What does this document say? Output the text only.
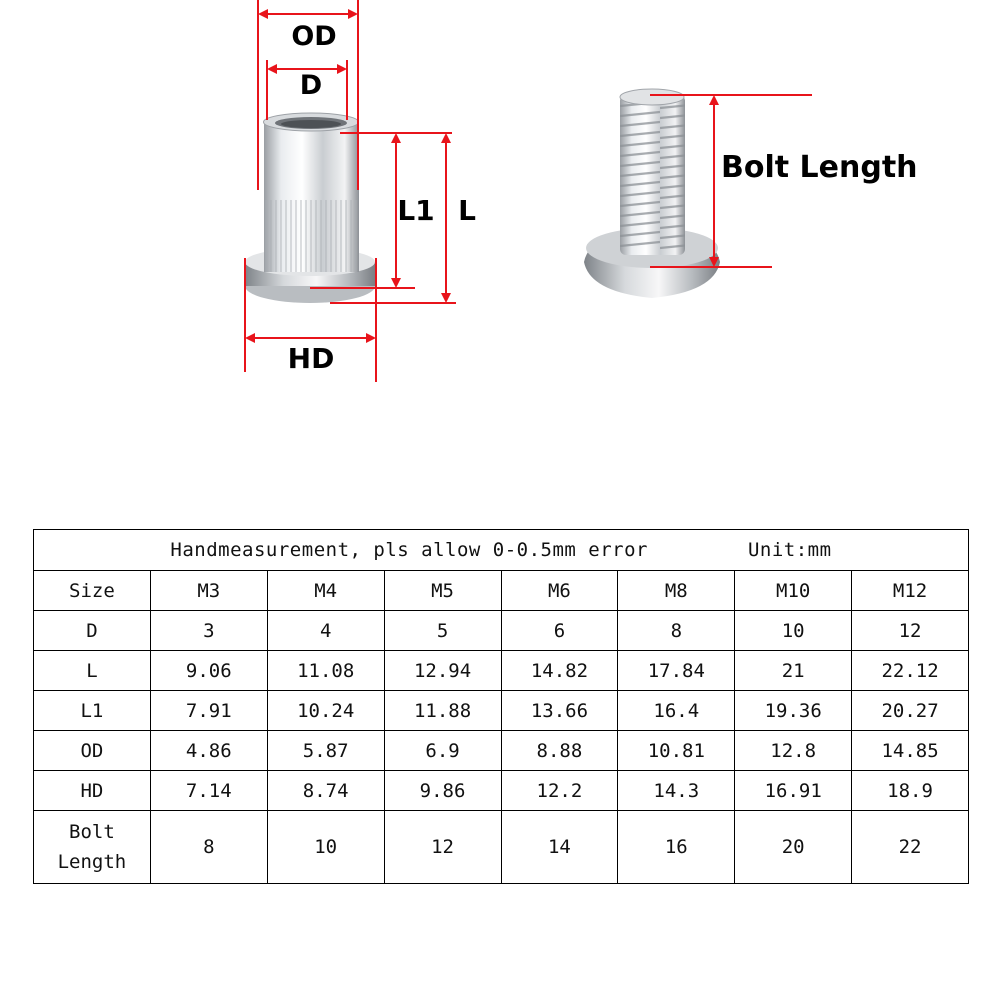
OD
D
L1 L
HD
Bolt Length
Handmeasurement, pls allow 0-0.5mm error Unit:mm							
Size	M3	M4	M5	M6	M8	M10	M12
D	3	4	5	6	8	10	12
L	9.06	11.08	12.94	14.82	17.84	21	22.12
L1	7.91	10.24	11.88	13.66	16.4	19.36	20.27
OD	4.86	5.87	6.9	8.88	10.81	12.8	14.85
HD	7.14	8.74	9.86	12.2	14.3	16.91	18.9
Bolt
Length	8	10	12	14	16	20	22
